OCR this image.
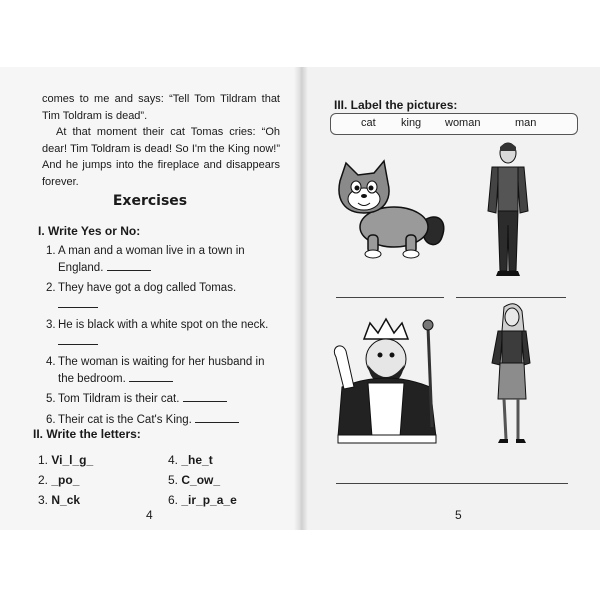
comes to me and says: “Tell Tom Tildram that Tim Toldram is dead”.

At that moment their cat Tomas cries: “Oh dear! Tim Toldram is dead! So I'm the King now!” And he jumps into the fireplace and disappears forever.

Exercises
I. Write Yes or No:
1. A man and a woman live in a town in England.
2. They have got a dog called Tomas.

3. He is black with a white spot on the neck.

4. The woman is waiting for her husband in the bedroom.
5. Tom Tildram is their cat.
6. Their cat is the Cat's King.
II. Write the letters:
1. Vi_l_g_
2. _po_
3. N_ck
4. _he_t
5. C_ow_
6. _ir_p_a_e
4
III. Label the pictures:
cat king woman	man
5
